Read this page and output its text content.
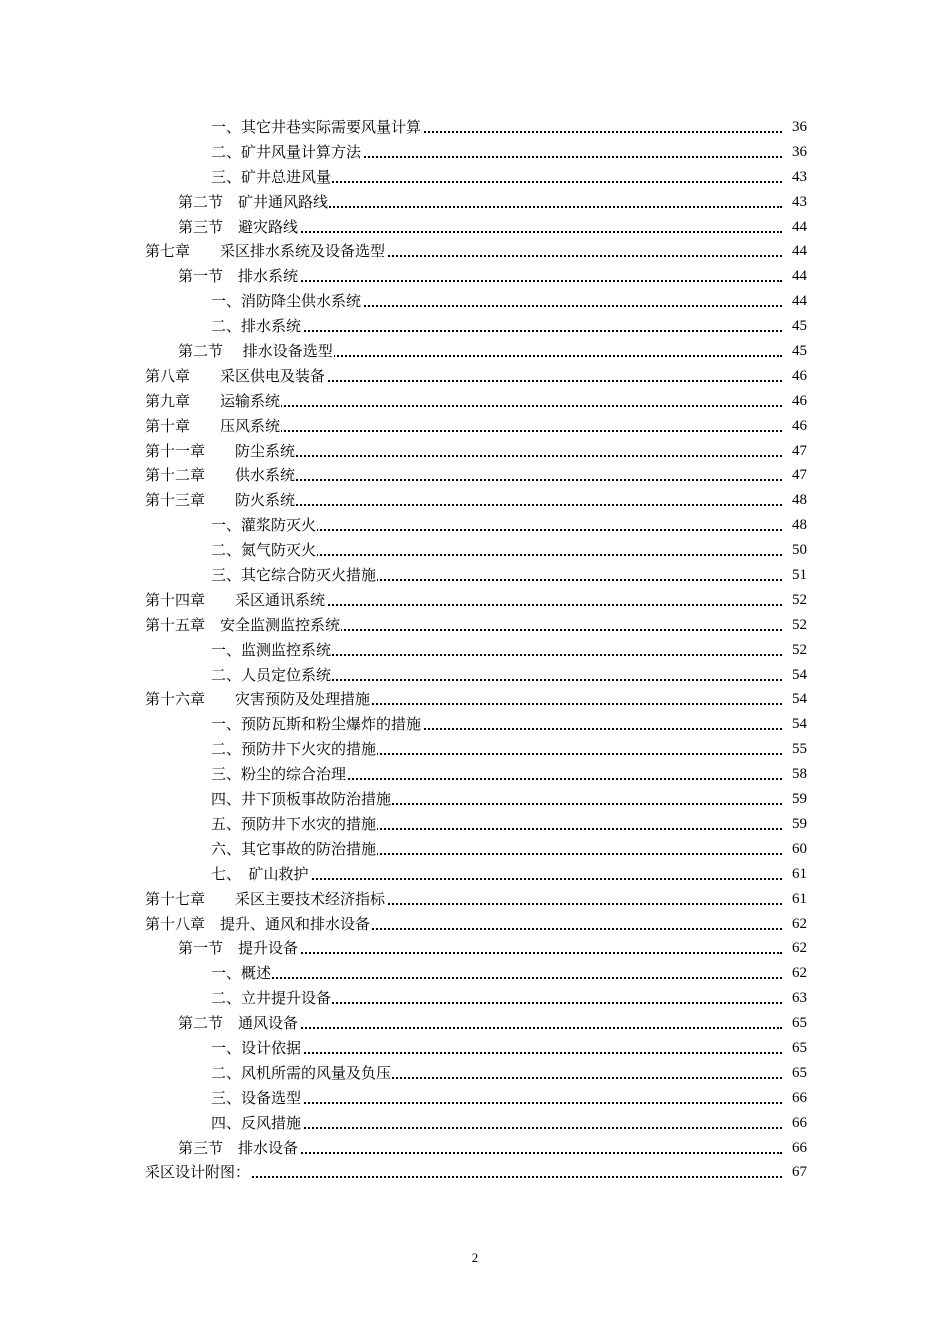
一、其它井巷实际需要风量计算	36
二、矿井风量计算方法	36
三、矿井总进风量	43
第二节　矿井通风路线	43
第三节　避灾路线	44
第七章　　采区排水系统及设备选型	44
第一节　排水系统	44
一、消防降尘供水系统	44
二、排水系统	45
第二节　 排水设备选型	45
第八章　　采区供电及装备	46
第九章　　运输系统	46
第十章　　压风系统	46
第十一章　　防尘系统	47
第十二章　　供水系统	47
第十三章　　防火系统	48
一、灌浆防灭火	48
二、氮气防灭火	50
三、其它综合防灭火措施	51
第十四章　　采区通讯系统	52
第十五章　安全监测监控系统	52
一、监测监控系统	52
二、人员定位系统	54
第十六章　　灾害预防及处理措施	54
一、预防瓦斯和粉尘爆炸的措施	54
二、预防井下火灾的措施	55
三、粉尘的综合治理	58
四、井下顶板事故防治措施	59
五、预防井下水灾的措施	59
六、其它事故的防治措施	60
七、　矿山救护	61
第十七章　　采区主要技术经济指标	61
第十八章　提升、通风和排水设备	62
第一节　提升设备	62
一、概述	62
二、立井提升设备	63
第二节　通风设备	65
一、设计依据	65
二、风机所需的风量及负压	65
三、设备选型	66
四、反风措施	66
第三节　排水设备	66
采区设计附图：	67
2
